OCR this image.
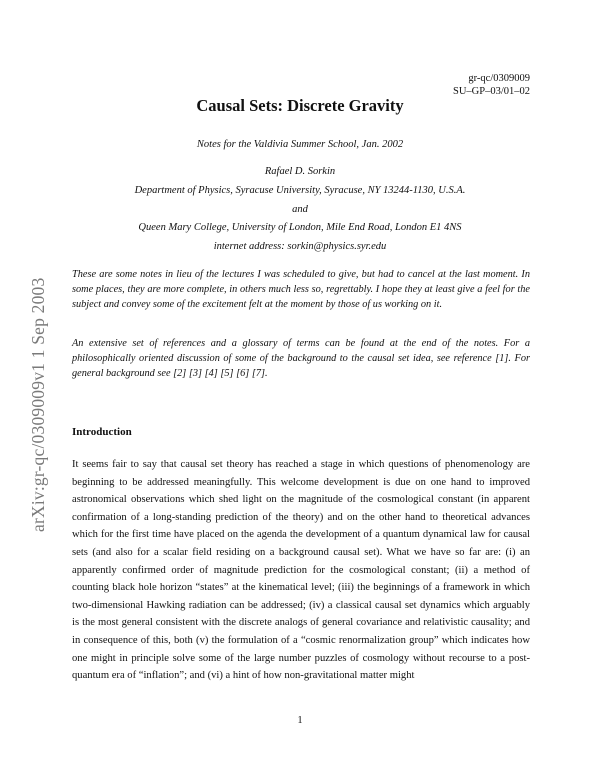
arXiv:gr-qc/0309009v1 1 Sep 2003
gr-qc/0309009
SU–GP–03/01–02
Causal Sets: Discrete Gravity
Notes for the Valdivia Summer School, Jan. 2002
Rafael D. Sorkin
Department of Physics, Syracuse University, Syracuse, NY 13244-1130, U.S.A.
and
Queen Mary College, University of London, Mile End Road, London E1 4NS
internet address: sorkin@physics.syr.edu

These are some notes in lieu of the lectures I was scheduled to give, but had to cancel at the last moment. In some places, they are more complete, in others much less so, regrettably. I hope they at least give a feel for the subject and convey some of the excitement felt at the moment by those of us working on it.

An extensive set of references and a glossary of terms can be found at the end of the notes. For a philosophically oriented discussion of some of the background to the causal set idea, see reference [1]. For general background see [2] [3] [4] [5] [6] [7].

Introduction

It seems fair to say that causal set theory has reached a stage in which questions of phenomenology are beginning to be addressed meaningfully. This welcome development is due on one hand to improved astronomical observations which shed light on the magnitude of the cosmological constant (in apparent confirmation of a long-standing prediction of the theory) and on the other hand to theoretical advances which for the first time have placed on the agenda the development of a quantum dynamical law for causal sets (and also for a scalar field residing on a background causal set). What we have so far are: (i) an apparently confirmed order of magnitude prediction for the cosmological constant; (ii) a method of counting black hole horizon “states” at the kinematical level; (iii) the beginnings of a framework in which two-dimensional Hawking radiation can be addressed; (iv) a classical causal set dynamics which arguably is the most general consistent with the discrete analogs of general covariance and relativistic causality; and in consequence of this, both (v) the formulation of a “cosmic renormalization group” which indicates how one might in principle solve some of the large number puzzles of cosmology without recourse to a post-quantum era of “inflation”; and (vi) a hint of how non-gravitational matter might

1
